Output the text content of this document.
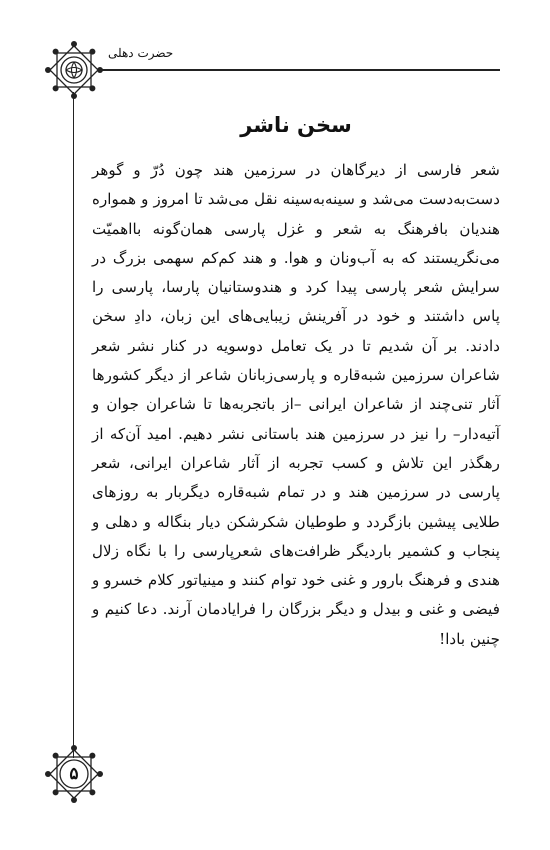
حضرت دهلی
سخن ناشر

شعر فارسی از دیرگاهان در سرزمین هند چون دُرّ و گوهر دست‌به‌دست می‌شد و سینه‌به‌سینه نقل می‌شد تا امروز و همواره هندیان بافرهنگ به شعر و غزل پارسی همان‌گونه بااهمیّت می‌نگریستند که به آب‌ونان و هوا. و هند کم‌کم سهمی بزرگ در سرایش شعر پارسی پیدا کرد و هندوستانیان پارسا، پارسی را پاس داشتند و خود در آفرینش زیبایی‌های این زبان، دادِ سخن دادند. بر آن شدیم تا در یک تعامل دوسویه در کنار نشر شعر شاعران سرزمین شبه‌قاره و پارسی‌زبانان شاعر از دیگر کشورها آثار تنی‌چند از شاعران ایرانی –از باتجربه‌ها تا شاعران جوان و آتیه‌دار– را نیز در سرزمین هند باستانی نشر دهیم. امید آن‌که از رهگذر این تلاش و کسب تجربه از آثار شاعران ایرانی، شعر پارسی در سرزمین هند و در تمام شبه‌قاره دیگربار به روزهای طلایی پیشین بازگردد و طوطیان شکرشکن دیار بنگاله و دهلی و پنجاب و کشمیر باردیگر ظرافت‌های شعرپارسی را با نگاه زلال هندی و فرهنگ بارور و غنی خود توام کنند و مینیاتور کلام خسرو و فیضی و غنی و بیدل و دیگر بزرگان را فرایادمان آرند. دعا کنیم و چنین بادا!

۵
